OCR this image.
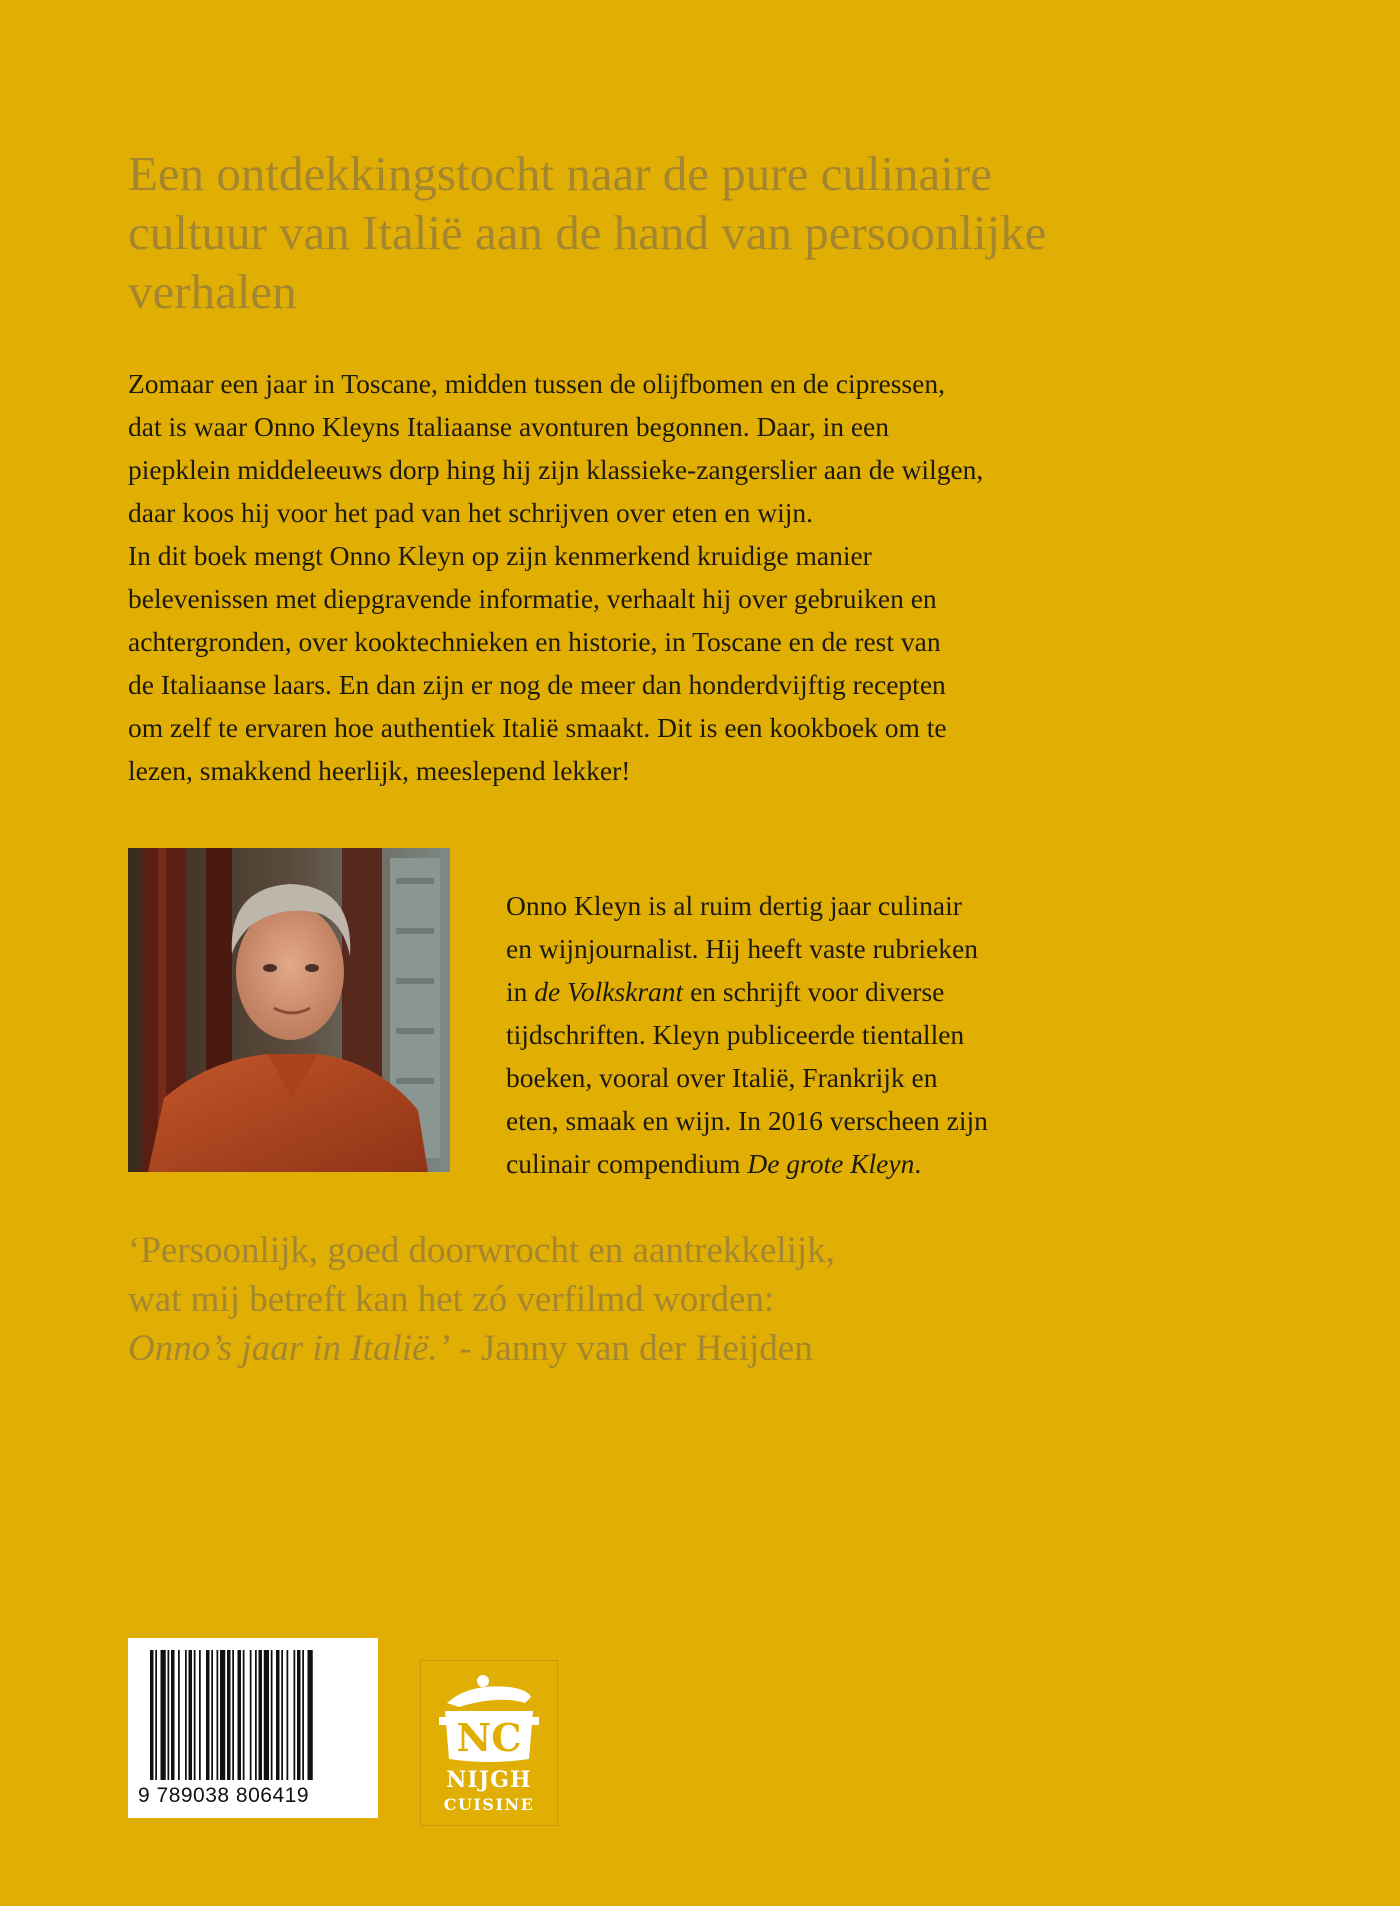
Een ontdekkingstocht naar de pure culinaire cultuur van Italië aan de hand van persoonlijke verhalen

Zomaar een jaar in Toscane, midden tussen de olijfbomen en de cipressen,

dat is waar Onno Kleyns Italiaanse avonturen begonnen. Daar, in een

piepklein middeleeuws dorp hing hij zijn klassieke-zangerslier aan de wilgen,

daar koos hij voor het pad van het schrijven over eten en wijn.

In dit boek mengt Onno Kleyn op zijn kenmerkend kruidige manier

belevenissen met diepgravende informatie, verhaalt hij over gebruiken en

achtergronden, over kooktechnieken en historie, in Toscane en de rest van

de Italiaanse laars. En dan zijn er nog de meer dan honderdvijftig recepten

om zelf te ervaren hoe authentiek Italië smaakt. Dit is een kookboek om te

lezen, smakkend heerlijk, meeslepend lekker!

Onno Kleyn is al ruim dertig jaar culinair
en wijnjournalist. Hij heeft vaste rubrieken
in de Volkskrant en schrijft voor diverse
tijdschriften. Kleyn publiceerde tientallen
boeken, vooral over Italië, Frankrijk en
eten, smaak en wijn. In 2016 verscheen zijn
culinair compendium De grote Kleyn.
‘Persoonlijk, goed doorwrocht en aantrekkelijk,
wat mij betreft kan het zó verfilmd worden:
Onno’s jaar in Italië.’ - Janny van der Heijden
9 789038 806419
NC
NIJGH
CUISINE
